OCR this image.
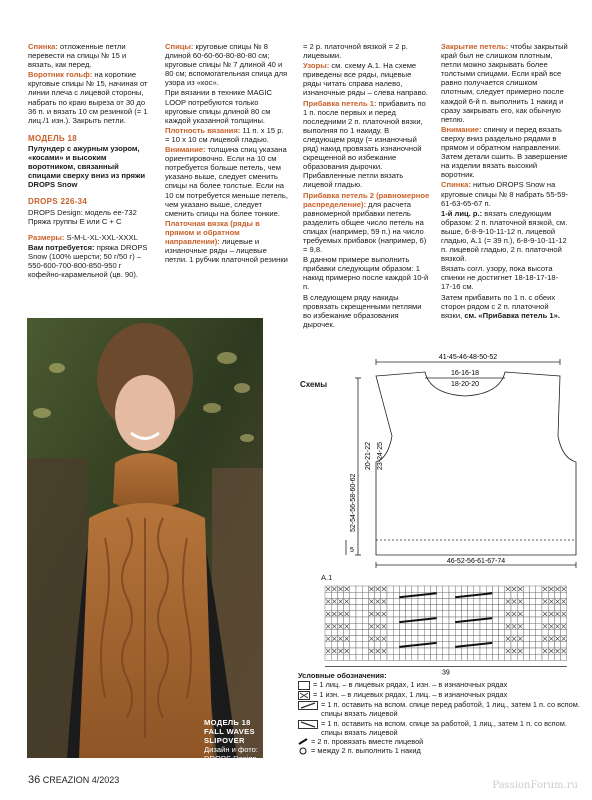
Спинка: отложенные петли перевести на спицы № 15 и вязать, как перед.

Воротник гольф: на короткие круговые спицы № 15, начиная от линии плеча с лицевой стороны, набрать по краю выреза от 30 до 36 п. и вязать 10 см резинкой (= 1 лиц./1 изн.). Закрыть петли.

МОДЕЛЬ 18

Пулундер с ажурным узором, «косами» и высоким воротником, связанный спицами сверху вниз из пряжи DROPS Snow

DROPS 226-34

DROPS Design: модель ee-732

Пряжа группы E или C + C

Размеры: S-M-L-XL-XXL-XXXL

Вам потребуется: пряжа DROPS Snow (100% шерсти; 50 г/50 г) – 550-600-700-800-850-950 г кофейно-карамельной (цв. 90).

Спицы: круговые спицы № 8 длиной 60-60-60-80-80-80 см; круговые спицы № 7 длиной 40 и 80 см; вспомогательная спица для узора из «кос».

При вязании в технике MAGIC LOOP потребуются только круговые спицы длиной 80 см каждой указанной толщины.

Плотность вязания: 11 п. x 15 р. = 10 x 10 см лицевой гладью.

Внимание: толщина спиц указана ориентировочно. Если на 10 см потребуется больше петель, чем указано выше, следует сменить спицы на более толстые. Если на 10 см потребуется меньше петель, чем указано выше, следует сменить спицы на более тонкие.

Платочная вязка (ряды в прямом и обратном направлении): лицевые и изнаночные ряды – лицевые петли. 1 рубчик платочной резинки

= 2 р. платочной вязкой = 2 р. лицевыми.

Узоры: см. схему А.1. На схеме приведены все ряды, лицевые ряды читать справа налево, изнаночные ряды – слева направо.

Прибавка петель 1: прибавить по 1 п. после первых и перед последними 2 п. платочной вязки, выполняя по 1 накиду. В следующем ряду (= изнаночный ряд) накид провязать изнаночной скрещенной во избежание образования дырочки. Прибавленные петли вязать лицевой гладью.

Прибавка петель 2 (равномерное распределение): для расчета равномерной прибавки петель разделить общее число петель на спицах (например, 59 п.) на число требуемых прибавок (например, 6) = 9,8.

В данном примере выполнить прибавки следующим образом: 1 накид примерно после каждой 10-й п.

В следующем ряду накиды провязать скрещенными петлями во избежание образования дырочек.

Закрытие петель: чтобы закрытый край был не слишком плотным, петли можно закрывать более толстыми спицами. Если край все равно получается слишком плотным, следует примерно после каждой 6-й п. выполнить 1 накид и сразу закрывать его, как обычную петлю.

Внимание: спинку и перед вязать сверху вниз раздельно рядами в прямом и обратном направлении. Затем детали сшить. В завершение на изделии вязать высокий воротник.

Спинка: нитью DROPS Snow на круговые спицы № 8 набрать 55-59-61-63-65-67 п.

1-й лиц. р.: вязать следующим образом: 2 п. платочной вязкой, см. выше, 6-8-9-10-11-12 п. лицевой гладью, A.1 (= 39 п.), 6-8-9-10-11-12 п. лицевой гладью, 2 п. платочной вязкой.

Вязать согл. узору, пока высота спинки не достигнет 18-18-17-18-17-16 см.

Затем прибавить по 1 п. с обеих сторон рядом с 2 п. платочной вязки, см. «Прибавка петель 1».

МОДЕЛЬ 18
FALL WAVES
SLIPOVER
Дизайн и фото:
DROPS Design
www.garnstudio.com
Схемы
41-45-46-48-50-52
16-16-18
18-20-20
20-21-22 23-24-25
52-54-56-58-60-62
5
46-52-56-61-67-74
A.1
39
Условные обозначения:
= 1 лиц. – в лицевых рядах, 1 изн. – в изнаночных рядах
= 1 изн. – в лицевых рядах, 1 лиц. – в изнаночных рядах
= 1 п. оставить на вспом. спице перед работой, 1 лиц., затем 1 п. со вспом. спицы вязать лицевой
= 1 п. оставить на вспом. спице за работой, 1 лиц., затем 1 п. со вспом. спицы вязать лицевой
= 2 п. провязать вместе лицевой
= между 2 п. выполнить 1 накид
36 CREAZION 4/2023	PassionForum.ru
